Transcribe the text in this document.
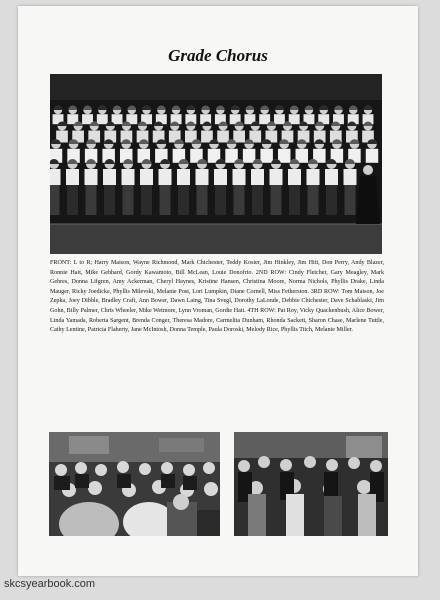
Grade Chorus
FRONT: L to R; Harry Maison, Wayne Richmond, Mark Chichester, Teddy Kosier, Jim Hinkley, Jim Hitt, Don Perry, Andy Blazer, Ronnie Hait, Mike Gebhard, Gordy Kawamoto, Bill McLean, Louie Donofrio. 2ND ROW: Cindy Fletcher, Gary Meagley, Mark Gehres, Donna Lifgren, Amy Ackerman, Cheryl Haynes, Kristine Hansen, Christina Moore, Norma Nichols, Phyllis Drake, Linda Mauger, Ricky Joedicke, Phyllis Milevski, Melanie Post, Lori Lumpkin, Diane Cornell, Miss Fetherston. 3RD ROW: Tom Maison, Joe Zepka, Joey Dibble, Bradley Craft, Ann Bower, Dawn Laing, Tina Svegl, Dorothy LaLonde, Debbie Chichester, Dave Schablaski, Jim Gohn, Billy Palmer, Chris Wheeler, Mike Wetmore, Lynn Vroman, Gordie Hait. 4TH ROW: Pat Roy, Vicky Quackenbush, Alice Bower, Linda Yamada, Roberta Sargent, Brenda Conger, Theresa Madore, Carmelita Dunham, Rhonda Sackett, Sharon Chase, Marlene Tuttle, Cathy Lentine, Patricia Flaherty, Jane McIntosh, Donna Temple, Paula Doroski, Melody Rice, Phyllis Titch, Melanie Miller.
skcsyearbook.com
